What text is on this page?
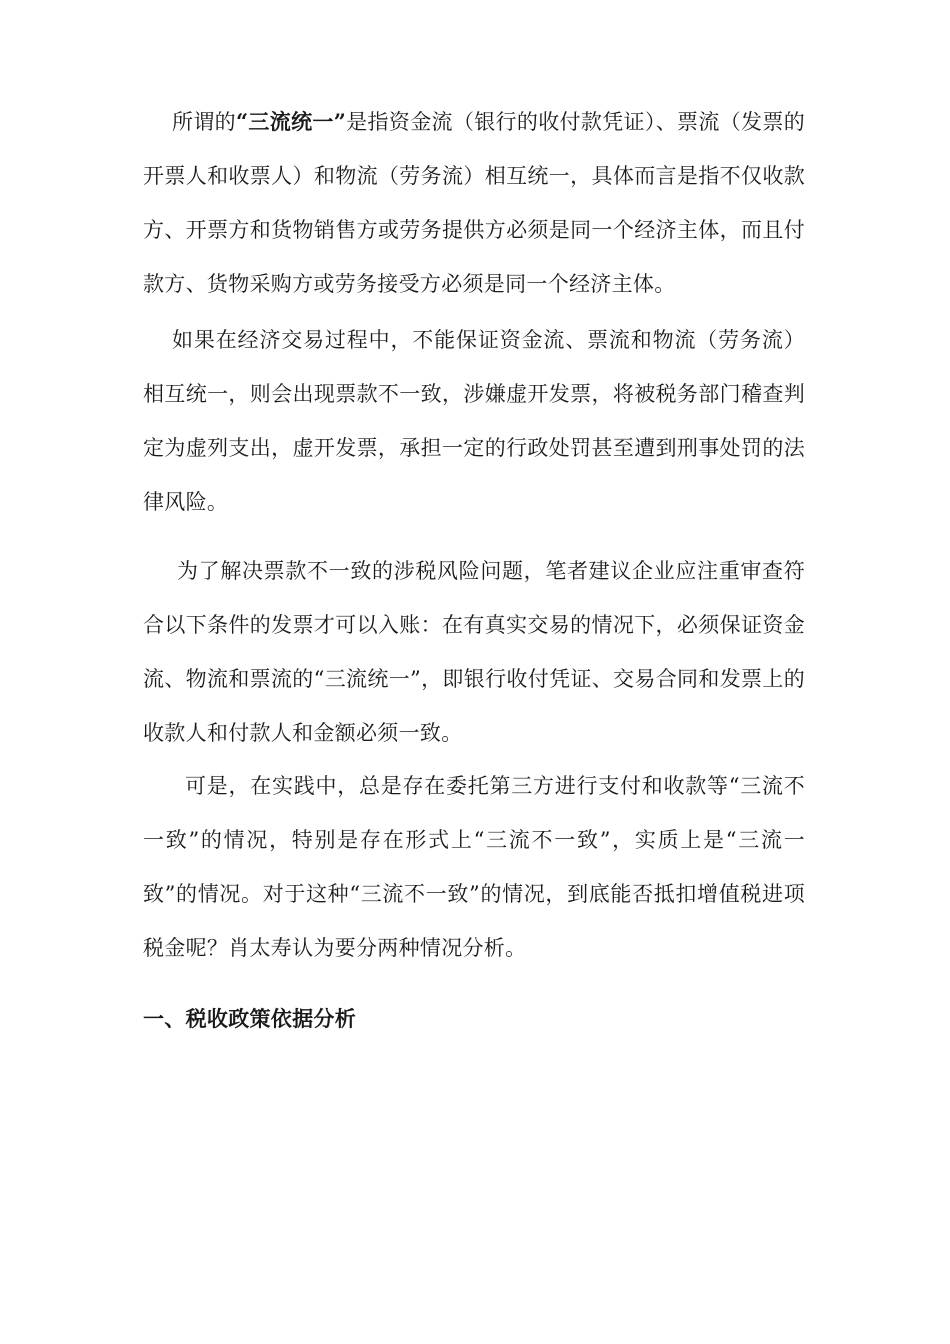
所谓的“三流统一”是指资金流（银行的收付款凭证）、票流（发票的开票人和收票人）和物流（劳务流）相互统一，具体而言是指不仅收款方、开票方和货物销售方或劳务提供方必须是同一个经济主体，而且付款方、货物采购方或劳务接受方必须是同一个经济主体。

如果在经济交易过程中，不能保证资金流、票流和物流（劳务流）相互统一，则会出现票款不一致，涉嫌虚开发票，将被税务部门稽查判定为虚列支出，虚开发票，承担一定的行政处罚甚至遭到刑事处罚的法律风险。

为了解决票款不一致的涉税风险问题，笔者建议企业应注重审查符合以下条件的发票才可以入账：在有真实交易的情况下，必须保证资金流、物流和票流的“三流统一”，即银行收付凭证、交易合同和发票上的收款人和付款人和金额必须一致。

可是，在实践中，总是存在委托第三方进行支付和收款等“三流不一致”的情况，特别是存在形式上“三流不一致”，实质上是“三流一致”的情况。对于这种“三流不一致”的情况，到底能否抵扣增值税进项税金呢？肖太寿认为要分两种情况分析。

一、税收政策依据分析
